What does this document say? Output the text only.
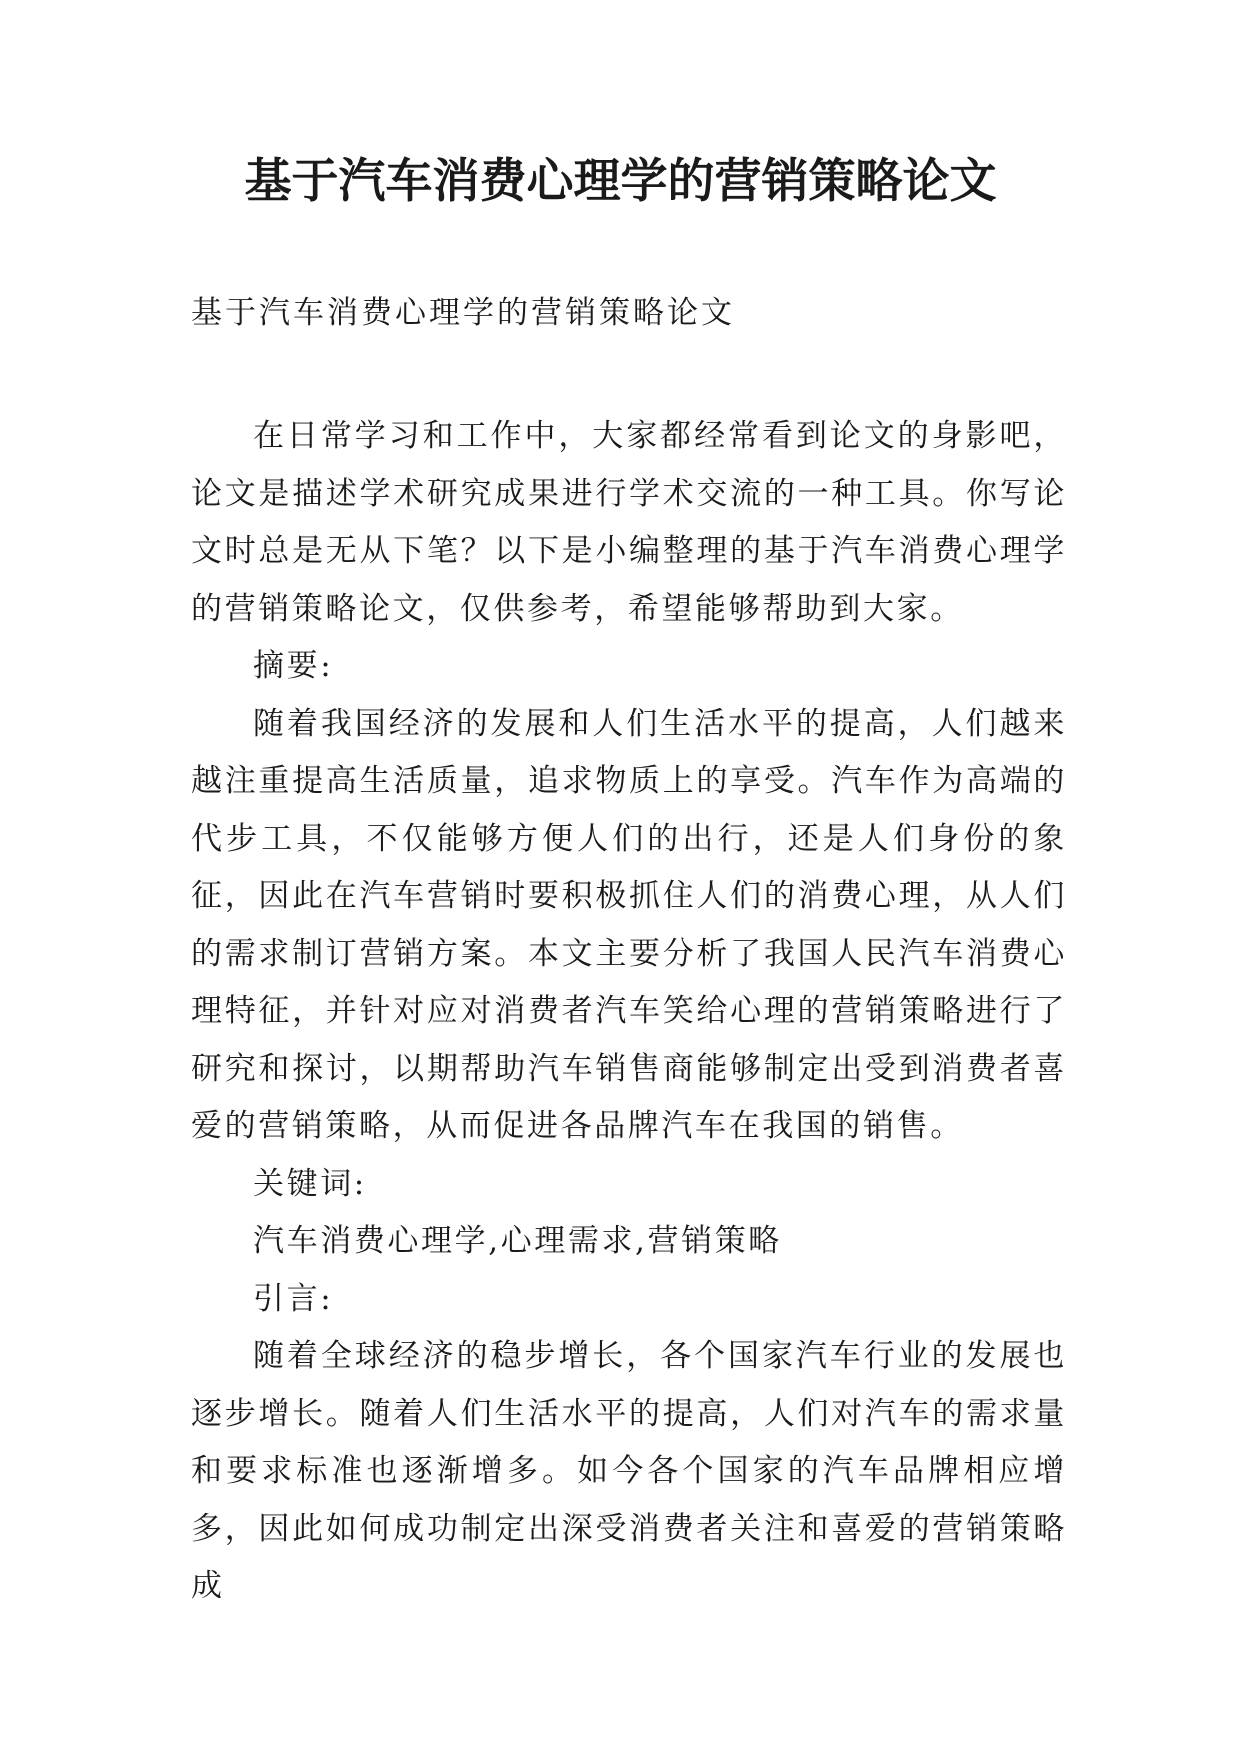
基于汽车消费心理学的营销策略论文
基于汽车消费心理学的营销策略论文

在日常学习和工作中，大家都经常看到论文的身影吧，论文是描述学术研究成果进行学术交流的一种工具。你写论文时总是无从下笔？以下是小编整理的基于汽车消费心理学的营销策略论文，仅供参考，希望能够帮助到大家。

摘要:

随着我国经济的发展和人们生活水平的提高，人们越来越注重提高生活质量，追求物质上的享受。汽车作为高端的代步工具，不仅能够方便人们的出行，还是人们身份的象征，因此在汽车营销时要积极抓住人们的消费心理，从人们的需求制订营销方案。本文主要分析了我国人民汽车消费心理特征，并针对应对消费者汽车笑给心理的营销策略进行了研究和探讨，以期帮助汽车销售商能够制定出受到消费者喜爱的营销策略，从而促进各品牌汽车在我国的销售。

关键词:

汽车消费心理学,心理需求,营销策略

引言:

随着全球经济的稳步增长，各个国家汽车行业的发展也逐步增长。随着人们生活水平的提高，人们对汽车的需求量和要求标准也逐渐增多。如今各个国家的汽车品牌相应增多，因此如何成功制定出深受消费者关注和喜爱的营销策略成
